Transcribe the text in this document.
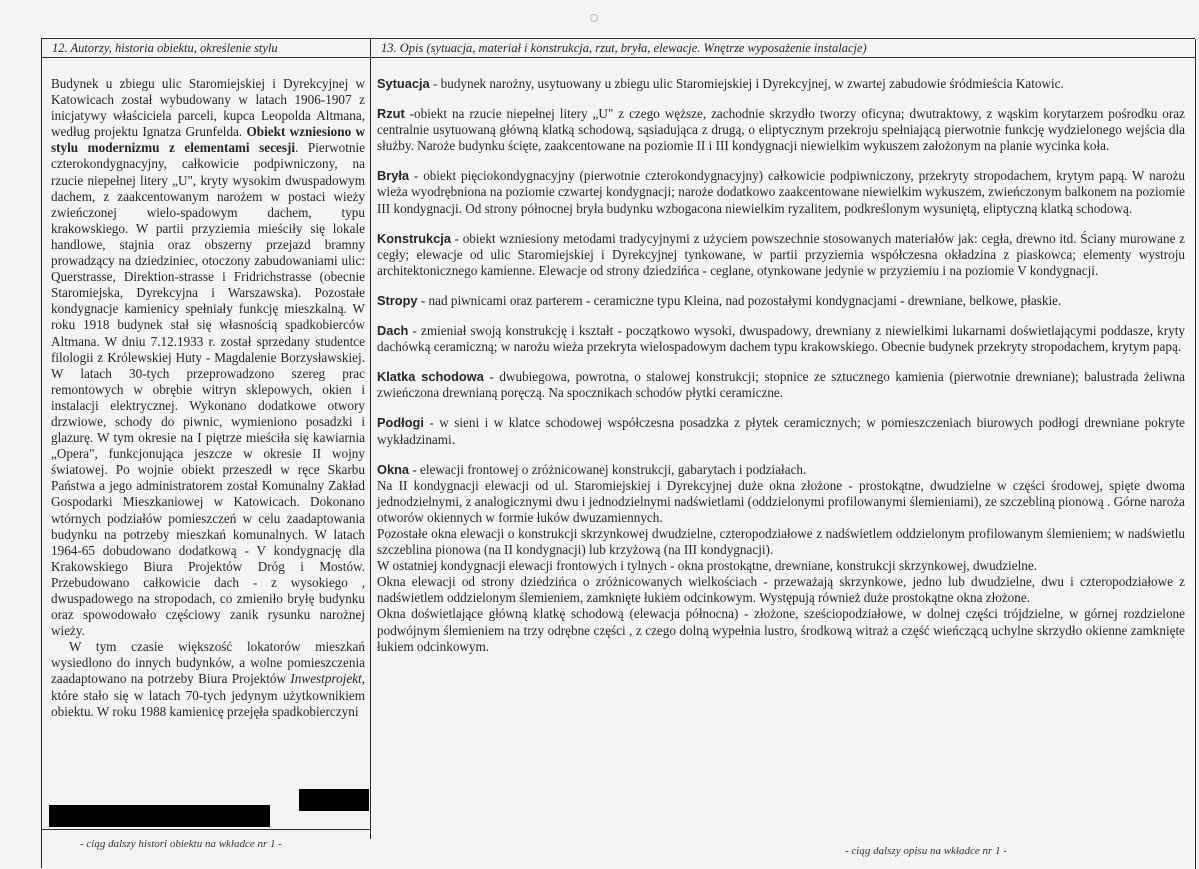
12. Autorzy, historia obiektu, określenie stylu

Budynek u zbiegu ulic Staromiejskiej i Dyrekcyjnej w Katowicach został wybudowany w latach 1906-1907 z inicjatywy właściciela parceli, kupca Leopolda Altmana, według projektu Ignatza Grunfelda. Obiekt wzniesiono w stylu modernizmu z elementami secesji. Pierwotnie czterokondygnacyjny, całkowicie podpiwniczony, na rzucie niepełnej litery „U", kryty wysokim dwuspadowym dachem, z zaakcentowanym narożem w postaci wieży zwieńczonej wielo-spadowym dachem, typu krakowskiego. W partii przyziemia mieściły się lokale handlowe, stajnia oraz obszerny przejazd bramny prowadzący na dziedziniec, otoczony zabudowaniami ulic: Querstrasse, Direktion-strasse i Fridrichstrasse (obecnie Staromiejska, Dyrekcyjna i Warszawska). Pozostałe kondygnacje kamienicy spełniały funkcję mieszkalną. W roku 1918 budynek stał się własnością spadkobierców Altmana. W dniu 7.12.1933 r. został sprzedany studentce filologii z Królewskiej Huty - Magdalenie Borzysławskiej. W latach 30-tych przeprowadzono szereg prac remontowych w obrębie witryn sklepowych, okien i instalacji elektrycznej. Wykonano dodatkowe otwory drzwiowe, schody do piwnic, wymieniono posadzki i glazurę. W tym okresie na I piętrze mieściła się kawiarnia „Opera", funkcjonująca jeszcze w okresie II wojny światowej. Po wojnie obiekt przeszedł w ręce Skarbu Państwa a jego administratorem został Komunalny Zakład Gospodarki Mieszkaniowej w Katowicach. Dokonano wtórnych podziałów pomieszczeń w celu zaadaptowania budynku na potrzeby mieszkań komunalnych. W latach 1964-65 dobudowano dodatkową - V kondygnację dla Krakowskiego Biura Projektów Dróg i Mostów. Przebudowano całkowicie dach - z wysokiego , dwuspadowego na stropodach, co zmieniło bryłę budynku oraz spowodowało częściowy zanik rysunku narożnej wieży.

W tym czasie większość lokatorów mieszkań wysiedlono do innych budynków, a wolne pomieszczenia zaadaptowano na potrzeby Biura Projektów Inwestprojekt, które stało się w latach 70-tych jedynym użytkownikiem obiektu. W roku 1988 kamienicę przejęła spadkobierczyni

13. Opis (sytuacja, materiał i konstrukcja, rzut, bryła, elewacje. Wnętrze wyposażenie instalacje)

Sytuacja - budynek narożny, usytuowany u zbiegu ulic Staromiejskiej i Dyrekcyjnej, w zwartej zabudowie śródmieścia Katowic.

Rzut -obiekt na rzucie niepełnej litery „U" z czego węższe, zachodnie skrzydło tworzy oficyna; dwutraktowy, z wąskim korytarzem pośrodku oraz centralnie usytuowaną główną klatką schodową, sąsiadująca z drugą, o eliptycznym przekroju spełniającą pierwotnie funkcję wydzielonego wejścia dla służby. Naroże budynku ścięte, zaakcentowane na poziomie II i III kondygnacji niewielkim wykuszem założonym na planie wycinka koła.

Bryła - obiekt pięciokondygnacyjny (pierwotnie czterokondygnacyjny) całkowicie podpiwniczony, przekryty stropodachem, krytym papą. W narożu wieża wyodrębniona na poziomie czwartej kondygnacji; naroże dodatkowo zaakcentowane niewielkim wykuszem, zwieńczonym balkonem na poziomie III kondygnacji. Od strony północnej bryła budynku wzbogacona niewielkim ryzalitem, podkreślonym wysuniętą, eliptyczną klatką schodową.

Konstrukcja - obiekt wzniesiony metodami tradycyjnymi z użyciem powszechnie stosowanych materiałów jak: cegła, drewno itd. Ściany murowane z cegły; elewacje od ulic Staromiejskiej i Dyrekcyjnej tynkowane, w partii przyziemia współczesna okładzina z piaskowca; elementy wystroju architektonicznego kamienne. Elewacje od strony dziedzińca - ceglane, otynkowane jedynie w przyziemiu i na poziomie V kondygnacji.

Stropy - nad piwnicami oraz parterem - ceramiczne typu Kleina, nad pozostałymi kondygnacjami - drewniane, belkowe, płaskie.

Dach - zmieniał swoją konstrukcję i kształt - początkowo wysoki, dwuspadowy, drewniany z niewielkimi lukarnami doświetlającymi poddasze, kryty dachówką ceramiczną; w narożu wieża przekryta wielospadowym dachem typu krakowskiego. Obecnie budynek przekryty stropodachem, krytym papą.

Klatka schodowa - dwubiegowa, powrotna, o stalowej konstrukcji; stopnice ze sztucznego kamienia (pierwotnie drewniane); balustrada żeliwna zwieńczona drewnianą poręczą. Na spocznikach schodów płytki ceramiczne.

Podłogi - w sieni i w klatce schodowej współczesna posadzka z płytek ceramicznych; w pomieszczeniach biurowych podłogi drewniane pokryte wykładzinami.

Okna - elewacji frontowej o zróżnicowanej konstrukcji, gabarytach i podziałach.

Na II kondygnacji elewacji od ul. Staromiejskiej i Dyrekcyjnej duże okna złożone - prostokątne, dwudzielne w części środowej, spięte dwoma jednodzielnymi, z analogicznymi dwu i jednodzielnymi nadświetlami (oddzielonymi profilowanymi ślemieniami), ze szczebliną pionową . Górne naroża otworów okiennych w formie łuków dwuzamiennych.

Pozostałe okna elewacji o konstrukcji skrzynkowej dwudzielne, czteropodziałowe z nadświetlem oddzielonym profilowanym ślemieniem; w nadświetlu szczeblina pionowa (na II kondygnacji) lub krzyżową (na III kondygnacji).

W ostatniej kondygnacji elewacji frontowych i tylnych - okna prostokątne, drewniane, konstrukcji skrzynkowej, dwudzielne.

Okna elewacji od strony dziedzińca o zróżnicowanych wielkościach - przeważają skrzynkowe, jedno lub dwudzielne, dwu i czteropodziałowe z nadświetlem oddzielonym ślemieniem, zamknięte łukiem odcinkowym. Występują również duże prostokątne okna złożone.

Okna doświetlające główną klatkę schodową (elewacja północna) - złożone, sześciopodziałowe, w dolnej części trójdzielne, w górnej rozdzielone podwójnym ślemieniem na trzy odrębne części , z czego dolną wypełnia lustro, środkową witraż a część wieńczącą uchylne skrzydło okienne zamknięte łukiem odcinkowym.

- ciąg dalszy histori obiektu na wkładce nr 1 -
- ciąg dalszy opisu na wkładce nr 1 -
